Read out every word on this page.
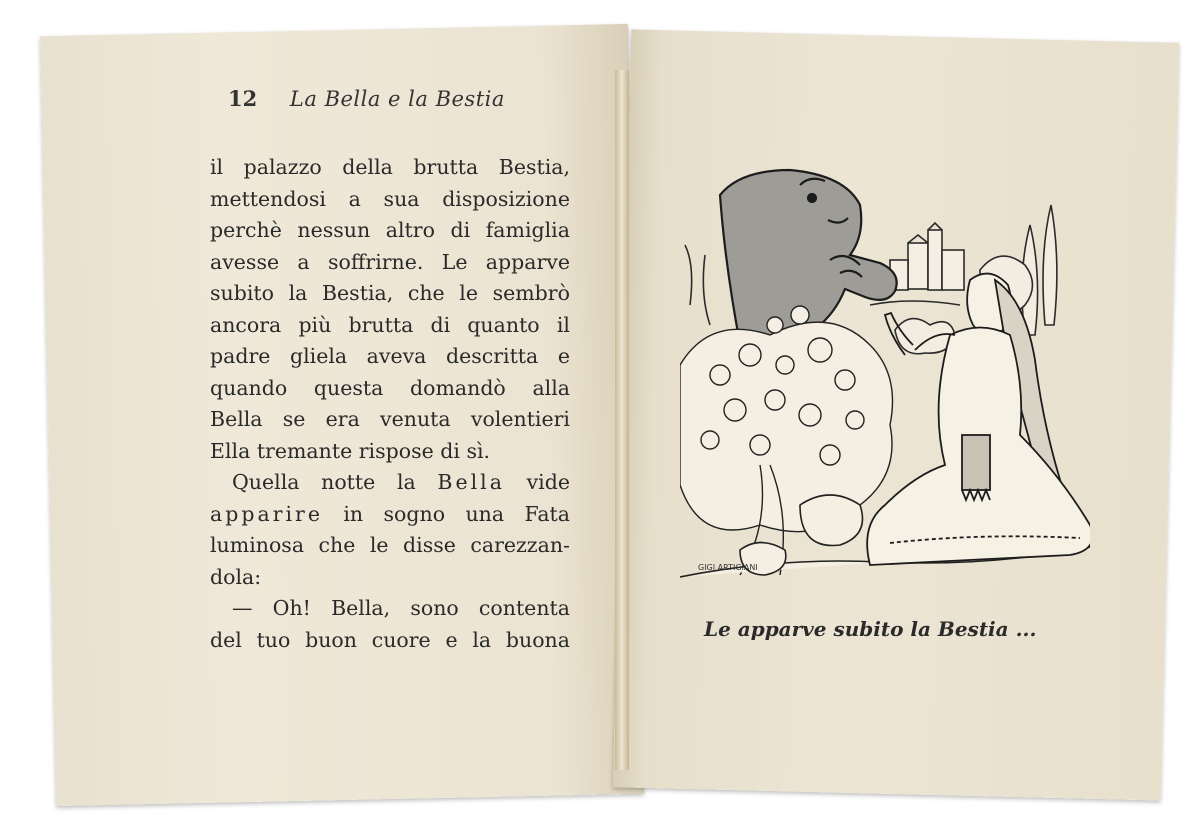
12 La Bella e la Bestia
il palazzo della brutta Bestia,
mettendosi a sua disposizione
perchè nessun altro di famiglia
avesse a soffrirne. Le apparve
subito la Bestia, che le sembrò
ancora più brutta di quanto il
padre gliela aveva descritta e
quando questa domandò alla
Bella se era venuta volentieri
Ella tremante rispose di sì.
Quella notte la Bella vide
apparire in sogno una Fata
luminosa che le disse carezzan-
dola:
— Oh! Bella, sono contenta
del tuo buon cuore e la buona
GIGI ARTIGIANI
Le apparve subito la Bestia ...
